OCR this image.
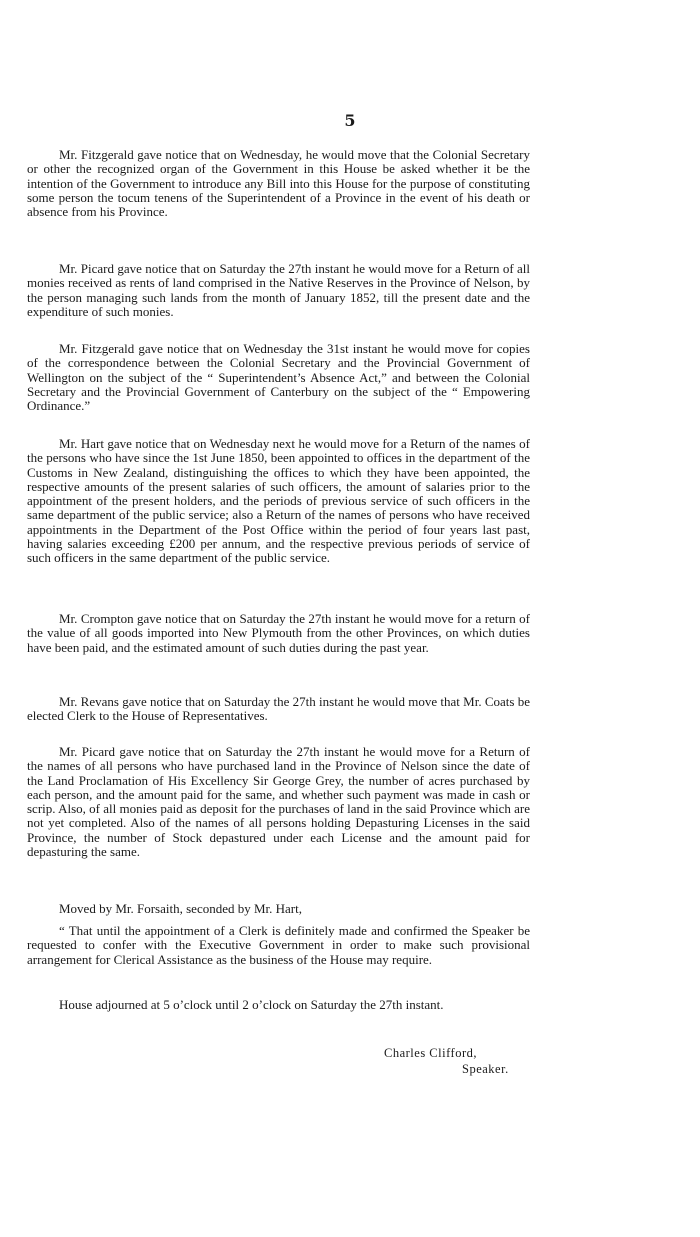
5

Mr. Fitzgerald gave notice that on Wednesday, he would move that the Colonial Secretary or other the recognized organ of the Government in this House be asked whether it be the intention of the Government to introduce any Bill into this House for the purpose of constituting some person the tocum tenens of the Superintendent of a Province in the event of his death or absence from his Province.

Mr. Picard gave notice that on Saturday the 27th instant he would move for a Return of all monies received as rents of land comprised in the Native Reserves in the Province of Nelson, by the person managing such lands from the month of January 1852, till the present date and the expenditure of such monies.

Mr. Fitzgerald gave notice that on Wednesday the 31st instant he would move for copies of the correspondence between the Colonial Secretary and the Provincial Government of Wellington on the subject of the “ Superintendent’s Absence Act,” and between the Colonial Secretary and the Provincial Government of Canterbury on the subject of the “ Empowering Ordinance.”

Mr. Hart gave notice that on Wednesday next he would move for a Return of the names of the persons who have since the 1st June 1850, been appointed to offices in the department of the Customs in New Zealand, distinguishing the offices to which they have been appointed, the respective amounts of the present salaries of such officers, the amount of salaries prior to the appointment of the present holders, and the periods of previous service of such officers in the same department of the public service; also a Return of the names of persons who have received appointments in the Department of the Post Office within the period of four years last past, having salaries exceeding £200 per annum, and the respective previous periods of service of such officers in the same department of the public service.

Mr. Crompton gave notice that on Saturday the 27th instant he would move for a return of the value of all goods imported into New Plymouth from the other Provinces, on which duties have been paid, and the estimated amount of such duties during the past year.

Mr. Revans gave notice that on Saturday the 27th instant he would move that Mr. Coats be elected Clerk to the House of Representatives.

Mr. Picard gave notice that on Saturday the 27th instant he would move for a Return of the names of all persons who have purchased land in the Province of Nelson since the date of the Land Proclamation of His Excellency Sir George Grey, the number of acres purchased by each person, and the amount paid for the same, and whether such payment was made in cash or scrip. Also, of all monies paid as deposit for the purchases of land in the said Province which are not yet completed. Also of the names of all persons holding Depasturing Licenses in the said Province, the number of Stock depastured under each License and the amount paid for depasturing the same.

Moved by Mr. Forsaith, seconded by Mr. Hart,

“ That until the appointment of a Clerk is definitely made and confirmed the Speaker be requested to confer with the Executive Government in order to make such provisional arrangement for Clerical Assistance as the business of the House may require.

House adjourned at 5 o’clock until 2 o’clock on Saturday the 27th instant.

Charles Clifford,

Speaker.
